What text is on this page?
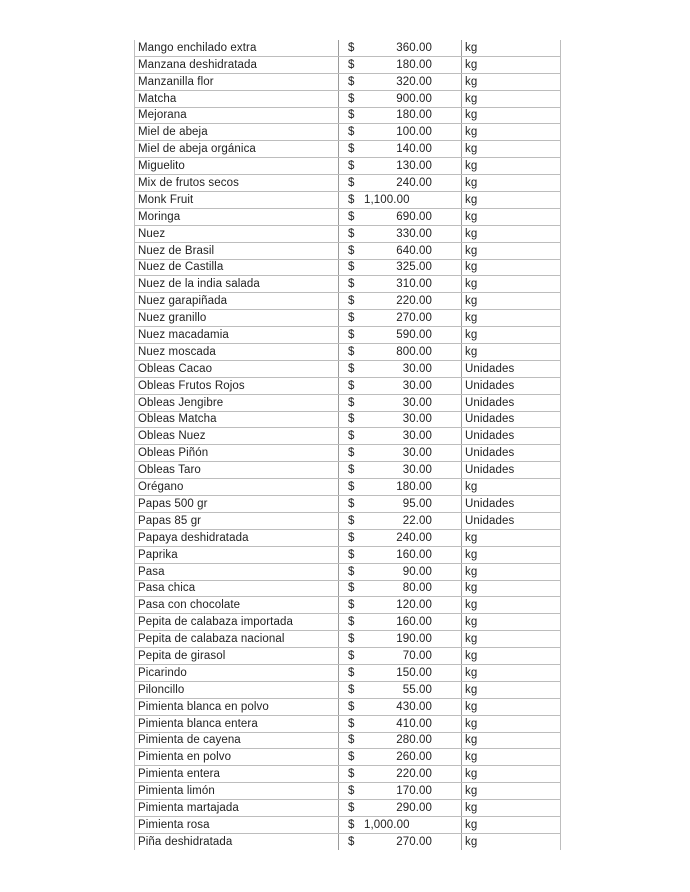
Mango enchilado extra	$ 360.00	kg
Manzana deshidratada	$ 180.00	kg
Manzanilla flor	$ 320.00	kg
Matcha	$ 900.00	kg
Mejorana	$ 180.00	kg
Miel de abeja	$ 100.00	kg
Miel de abeja orgánica	$ 140.00	kg
Miguelito	$ 130.00	kg
Mix de frutos secos	$ 240.00	kg
Monk Fruit	$ 1,100.00	kg
Moringa	$ 690.00	kg
Nuez	$ 330.00	kg
Nuez de Brasil	$ 640.00	kg
Nuez de Castilla	$ 325.00	kg
Nuez de la india salada	$ 310.00	kg
Nuez garapiñada	$ 220.00	kg
Nuez granillo	$ 270.00	kg
Nuez macadamia	$ 590.00	kg
Nuez moscada	$ 800.00	kg
Obleas Cacao	$ 30.00	Unidades
Obleas Frutos Rojos	$ 30.00	Unidades
Obleas Jengibre	$ 30.00	Unidades
Obleas Matcha	$ 30.00	Unidades
Obleas Nuez	$ 30.00	Unidades
Obleas Piñón	$ 30.00	Unidades
Obleas Taro	$ 30.00	Unidades
Orégano	$ 180.00	kg
Papas 500 gr	$ 95.00	Unidades
Papas 85 gr	$ 22.00	Unidades
Papaya deshidratada	$ 240.00	kg
Paprika	$ 160.00	kg
Pasa	$ 90.00	kg
Pasa chica	$ 80.00	kg
Pasa con chocolate	$ 120.00	kg
Pepita de calabaza importada	$ 160.00	kg
Pepita de calabaza nacional	$ 190.00	kg
Pepita de girasol	$ 70.00	kg
Picarindo	$ 150.00	kg
Piloncillo	$ 55.00	kg
Pimienta blanca en polvo	$ 430.00	kg
Pimienta blanca entera	$ 410.00	kg
Pimienta de cayena	$ 280.00	kg
Pimienta en polvo	$ 260.00	kg
Pimienta entera	$ 220.00	kg
Pimienta limón	$ 170.00	kg
Pimienta martajada	$ 290.00	kg
Pimienta rosa	$ 1,000.00	kg
Piña deshidratada	$ 270.00	kg
